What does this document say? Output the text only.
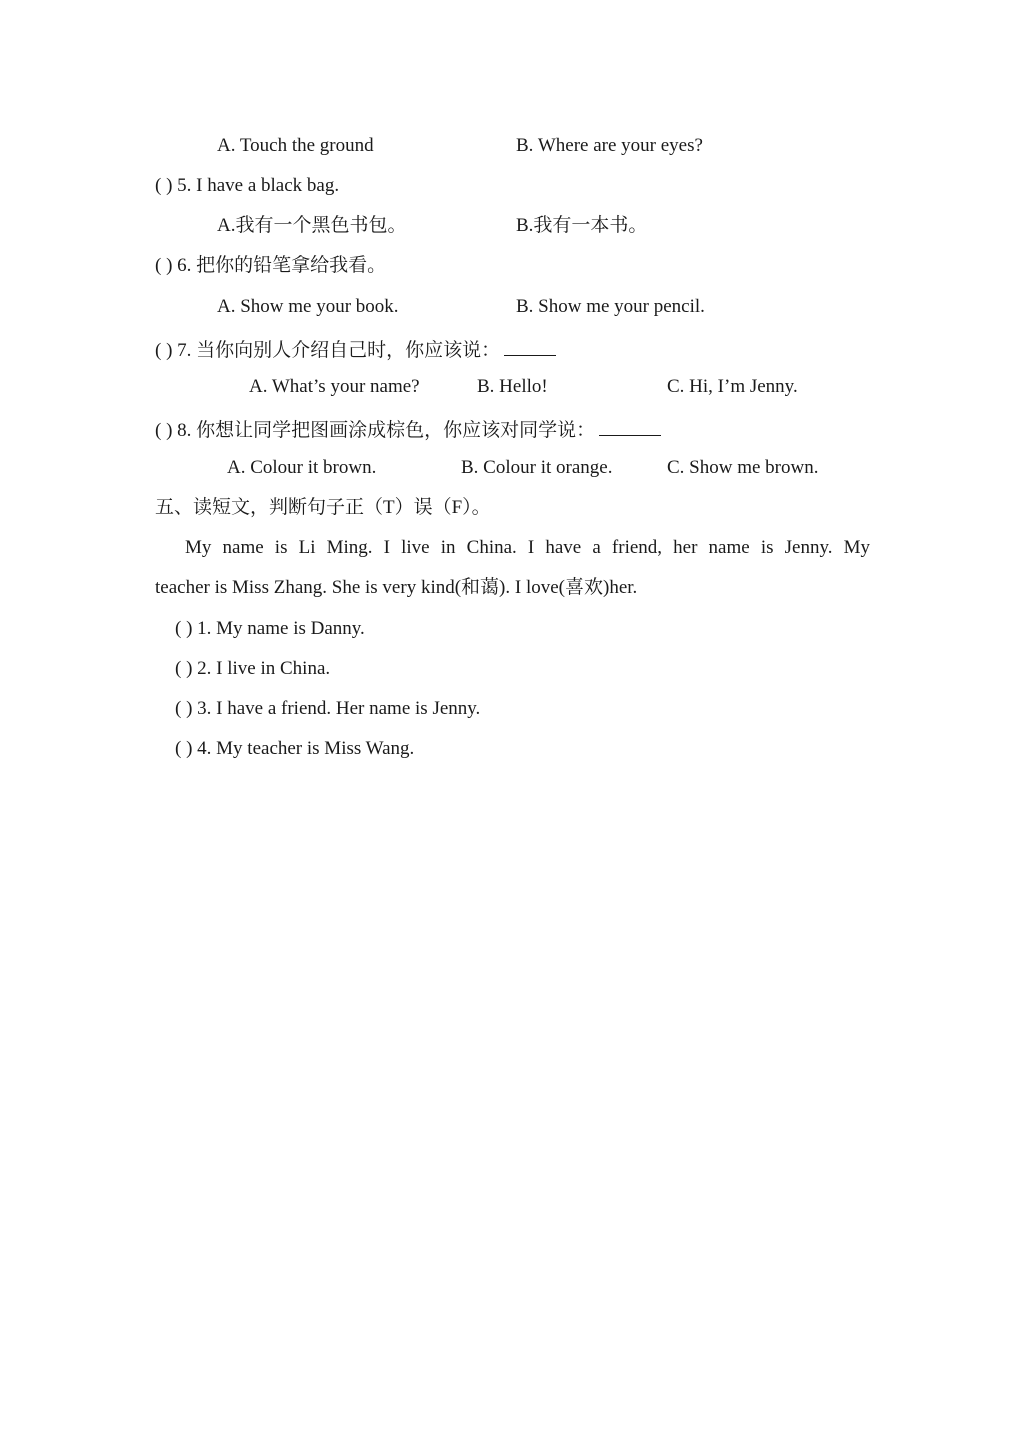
A. Touch the ground	B. Where are your eyes?
( ) 5. I have a black bag.
A.我有一个黑色书包。	B.我有一本书。
( ) 6. 把你的铅笔拿给我看。
A. Show me your book.	B. Show me your pencil.
( ) 7. 当你向别人介绍自己时，你应该说：
A. What’s your name?	B. Hello!	C. Hi, I’m Jenny.
( ) 8. 你想让同学把图画涂成棕色，你应该对同学说：
A. Colour it brown.	B. Colour it orange.	C. Show me brown.
五、读短文，判断句子正（T）误（F）。
My name is Li Ming. I live in China. I have a friend, her name is Jenny. My
teacher is Miss Zhang. She is very kind(和蔼). I love(喜欢)her.
( ) 1. My name is Danny.
( ) 2. I live in China.
( ) 3. I have a friend. Her name is Jenny.
( ) 4. My teacher is Miss Wang.
